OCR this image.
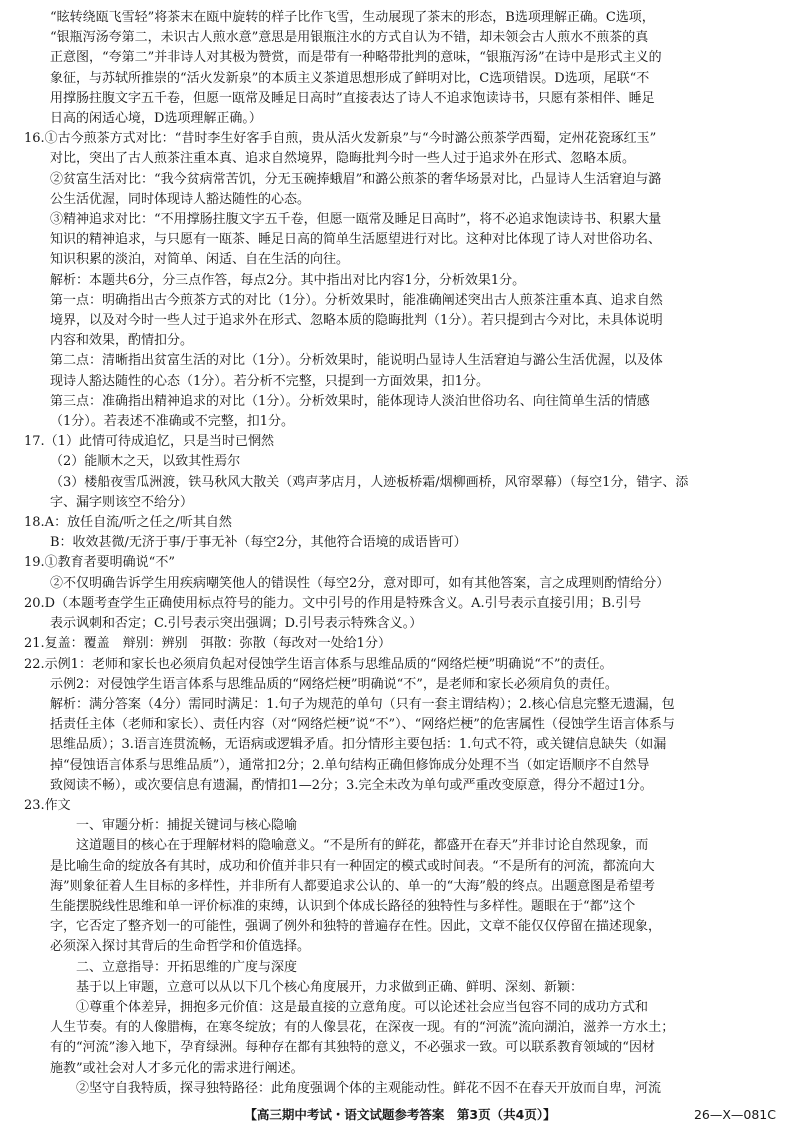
“眩转绕瓯飞雪轻”将茶末在瓯中旋转的样子比作飞雪，生动展现了茶末的形态，B选项理解正确。C选项，

“银瓶泻汤夸第二，未识古人煎水意”意思是用银瓶注水的方式自认为不错，却未领会古人煎水不煎茶的真

正意图，“夸第二”并非诗人对其极为赞赏，而是带有一种略带批判的意味，“银瓶泻汤”在诗中是形式主义的

象征，与苏轼所推崇的“活火发新泉”的本质主义茶道思想形成了鲜明对比，C选项错误。D选项，尾联“不

用撑肠拄腹文字五千卷，但愿一瓯常及睡足日高时”直接表达了诗人不追求饱读诗书，只愿有茶相伴、睡足

日高的闲适心境，D选项理解正确。）

16.①古今煎茶方式对比：“昔时李生好客手自煎，贵从活火发新泉”与“今时潞公煎茶学西蜀，定州花瓷琢红玉”

对比，突出了古人煎茶注重本真、追求自然境界，隐晦批判今时一些人过于追求外在形式、忽略本质。

②贫富生活对比：“我今贫病常苦饥，分无玉碗捧蛾眉”和潞公煎茶的奢华场景对比，凸显诗人生活窘迫与潞

公生活优渥，同时体现诗人豁达随性的心态。

③精神追求对比：“不用撑肠拄腹文字五千卷，但愿一瓯常及睡足日高时”，将不必追求饱读诗书、积累大量

知识的精神追求，与只愿有一瓯茶、睡足日高的简单生活愿望进行对比。这种对比体现了诗人对世俗功名、

知识积累的淡泊，对简单、闲适、自在生活的向往。

解析：本题共6分，分三点作答，每点2分。其中指出对比内容1分，分析效果1分。

第一点：明确指出古今煎茶方式的对比（1分）。分析效果时，能准确阐述突出古人煎茶注重本真、追求自然

境界，以及对今时一些人过于追求外在形式、忽略本质的隐晦批判（1分）。若只提到古今对比，未具体说明

内容和效果，酌情扣分。

第二点：清晰指出贫富生活的对比（1分）。分析效果时，能说明凸显诗人生活窘迫与潞公生活优渥，以及体

现诗人豁达随性的心态（1分）。若分析不完整，只提到一方面效果，扣1分。

第三点：准确指出精神追求的对比（1分）。分析效果时，能体现诗人淡泊世俗功名、向往简单生活的情感

（1分）。若表述不准确或不完整，扣1分。

17.（1）此情可待成追忆，只是当时已惘然

（2）能顺木之天，以致其性焉尔

（3）楼船夜雪瓜洲渡，铁马秋风大散关（鸡声茅店月，人迹板桥霜/烟柳画桥，风帘翠幕）（每空1分，错字、添

字、漏字则该空不给分）

18.A：放任自流/听之任之/听其自然

B：收效甚微/无济于事/于事无补（每空2分，其他符合语境的成语皆可）

19.①教育者要明确说“不”

②不仅明确告诉学生用疾病嘲笑他人的错误性（每空2分，意对即可，如有其他答案，言之成理则酌情给分）

20.D（本题考查学生正确使用标点符号的能力。文中引号的作用是特殊含义。A.引号表示直接引用；B.引号

表示讽刺和否定；C.引号表示突出强调；D.引号表示特殊含义。）

21.复盖：覆盖　辩别：辨别　弭散：弥散（每改对一处给1分）

22.示例1：老师和家长也必须肩负起对侵蚀学生语言体系与思维品质的“网络烂梗”明确说“不”的责任。

示例2：对侵蚀学生语言体系与思维品质的“网络烂梗”明确说“不”，是老师和家长必须肩负的责任。

解析：满分答案（4分）需同时满足：1.句子为规范的单句（只有一套主谓结构）；2.核心信息完整无遗漏，包

括责任主体（老师和家长）、责任内容（对“网络烂梗”说“不”）、“网络烂梗”的危害属性（侵蚀学生语言体系与

思维品质）；3.语言连贯流畅，无语病或逻辑矛盾。扣分情形主要包括：1.句式不符，或关键信息缺失（如漏

掉“侵蚀语言体系与思维品质”），通常扣2分；2.单句结构正确但修饰成分处理不当（如定语顺序不自然导

致阅读不畅），或次要信息有遗漏，酌情扣1—2分；3.完全未改为单句或严重改变原意，得分不超过1分。

23.作文

　　一、审题分析：捕捉关键词与核心隐喻

　　这道题目的核心在于理解材料的隐喻意义。“不是所有的鲜花，都盛开在春天”并非讨论自然现象，而

是比喻生命的绽放各有其时，成功和价值并非只有一种固定的模式或时间表。“不是所有的河流，都流向大

海”则象征着人生目标的多样性，并非所有人都要追求公认的、单一的“大海”般的终点。出题意图是希望考

生能摆脱线性思维和单一评价标准的束缚，认识到个体成长路径的独特性与多样性。题眼在于“都”这个

字，它否定了整齐划一的可能性，强调了例外和独特的普遍存在性。因此，文章不能仅仅停留在描述现象，

必须深入探讨其背后的生命哲学和价值选择。

　　二、立意指导：开拓思维的广度与深度

　　基于以上审题，立意可以从以下几个核心角度展开，力求做到正确、鲜明、深刻、新颖：

　　①尊重个体差异，拥抱多元价值：这是最直接的立意角度。可以论述社会应当包容不同的成功方式和

人生节奏。有的人像腊梅，在寒冬绽放；有的人像昙花，在深夜一现。有的“河流”流向湖泊，滋养一方水土；

有的“河流”渗入地下，孕育绿洲。每种存在都有其独特的意义，不必强求一致。可以联系教育领域的“因材

施教”或社会对人才多元化的需求进行阐述。

　　②坚守自我特质，探寻独特路径：此角度强调个体的主观能动性。鲜花不因不在春天开放而自卑，河流

【高三期中考试・语文试题参考答案　第3页（共4页）】	26—X—081C
